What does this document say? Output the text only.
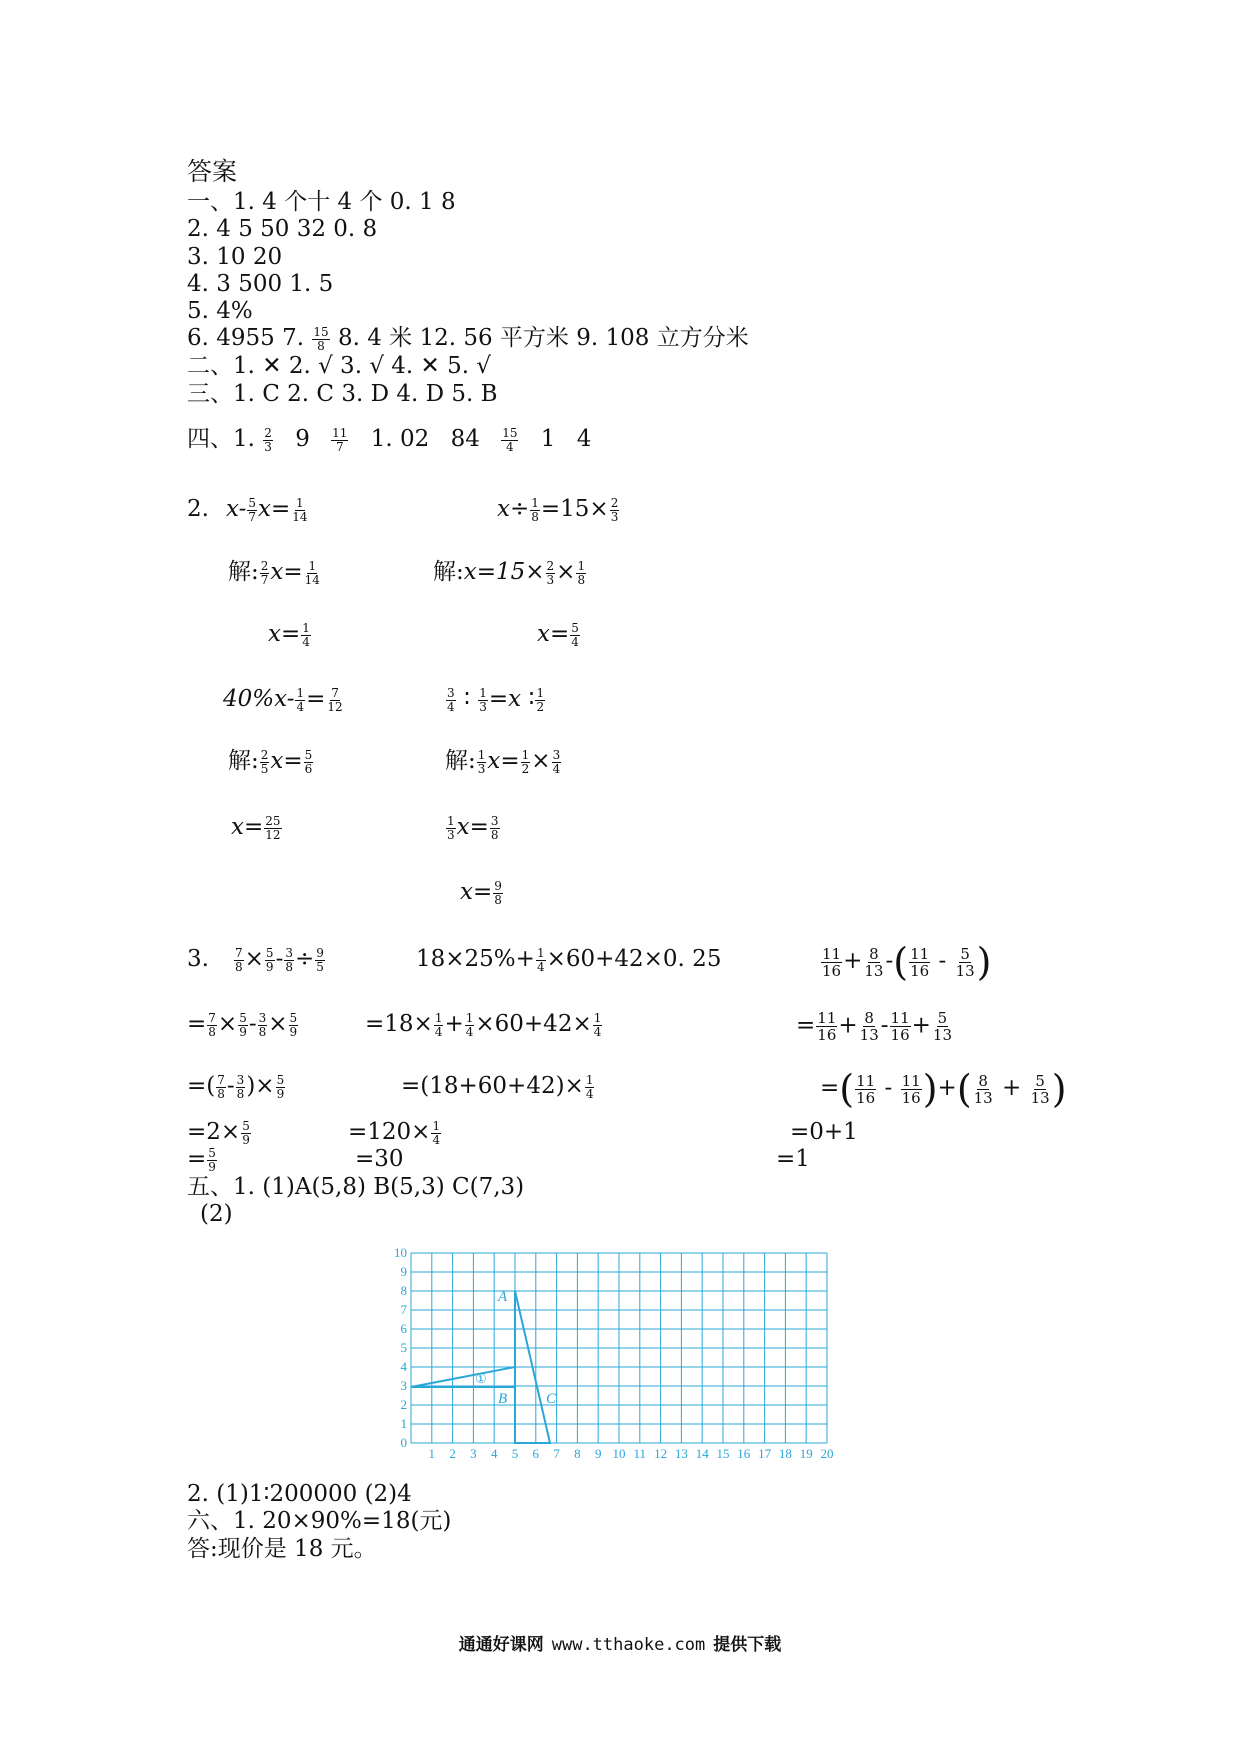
答案
一、1. 4 个十 4 个 0. 1 8
2. 4 5 50 32 0. 8
3. 10 20
4. 3 500 1. 5
5. 4%
6. 4955 7. $\frac{15}{8} 8$. 4 米 12. 56 平方米 9. 108 立方分米
二、1. ✕ 2. √ 3. √ 4. ✕ 5. √
三、1. C 2. C 3. D 4. D 5. B
四、1. $\frac{2}{3} 9 \frac{11}{7} 1$. 02 $84 \frac{15}{4} 1$ 4
2. $x- \frac{5}{7} x= \frac{1}{14}$	$x\div \frac{1}{8} =15\times \frac{2}{3}$
解: $\frac{2}{7} x= \frac{1}{14}$	解:x=15× $\frac{2}{3} \times \frac{1}{8}$
$x= \frac{1}{4}$	$x= \frac{5}{4}$
$40\%x- \frac{1}{4} = \frac{7}{12}$	$\frac{3}{4}$ ∶ $\frac{1}{3} =x$ ∶ $\frac{1}{2}$
解: $\frac{2}{5} x= \frac{5}{6}$	解: $\frac{1}{3} x= \frac{1}{2} \times \frac{3}{4}$
$x= \frac{25}{12}$	$\frac{1}{3} x= \frac{3}{8}$
$x= \frac{9}{8}$
3. $\frac{7}{8} \times \frac{5}{9} - \frac{3}{8} \div \frac{9}{5}$
= $\frac{7}{8} \times \frac{5}{9} - \frac{3}{8} \times \frac{5}{9}$
=( $\frac{7}{8} - \frac{3}{8}$ )× $\frac{5}{9}$
$=2\times \frac{5}{9}$
= $\frac{5}{9}$
$18\times 25\%+ \frac{1}{4} \times 60+42\times 0$. 25
$=18\times \frac{1}{4} + \frac{1}{4} \times 60+42\times \frac{1}{4}$
$=(18+60+42)\times \frac{1}{4}$
$=120\times \frac{1}{4}$
=30
$\frac{11}{16} + \frac{8}{13}$ -( $\frac{11}{16} - \frac{5}{13}$ )
= $\frac{11}{16} + \frac{8}{13} - \frac{11}{16} + \frac{5}{13}$
=( $\frac{11}{16} - \frac{11}{16}$ )+( $\frac{8}{13} + \frac{5}{13}$ )
=0+1
=1
五、1. (1)A(5,8) B(5,3) C(7,3)
(2)
1 2 3 4 5 6 7 8 9 10 11 12 13 14 15 16 17 18 19 20
0
1
2
3
4
5
6
7
8
9
10
A
B	C
①
2. (1)1∶200000 (2)4
六、1. 20×90%=18(元)
答:现价是 18 元。
通通好课网 www.tthaoke.com 提供下载
